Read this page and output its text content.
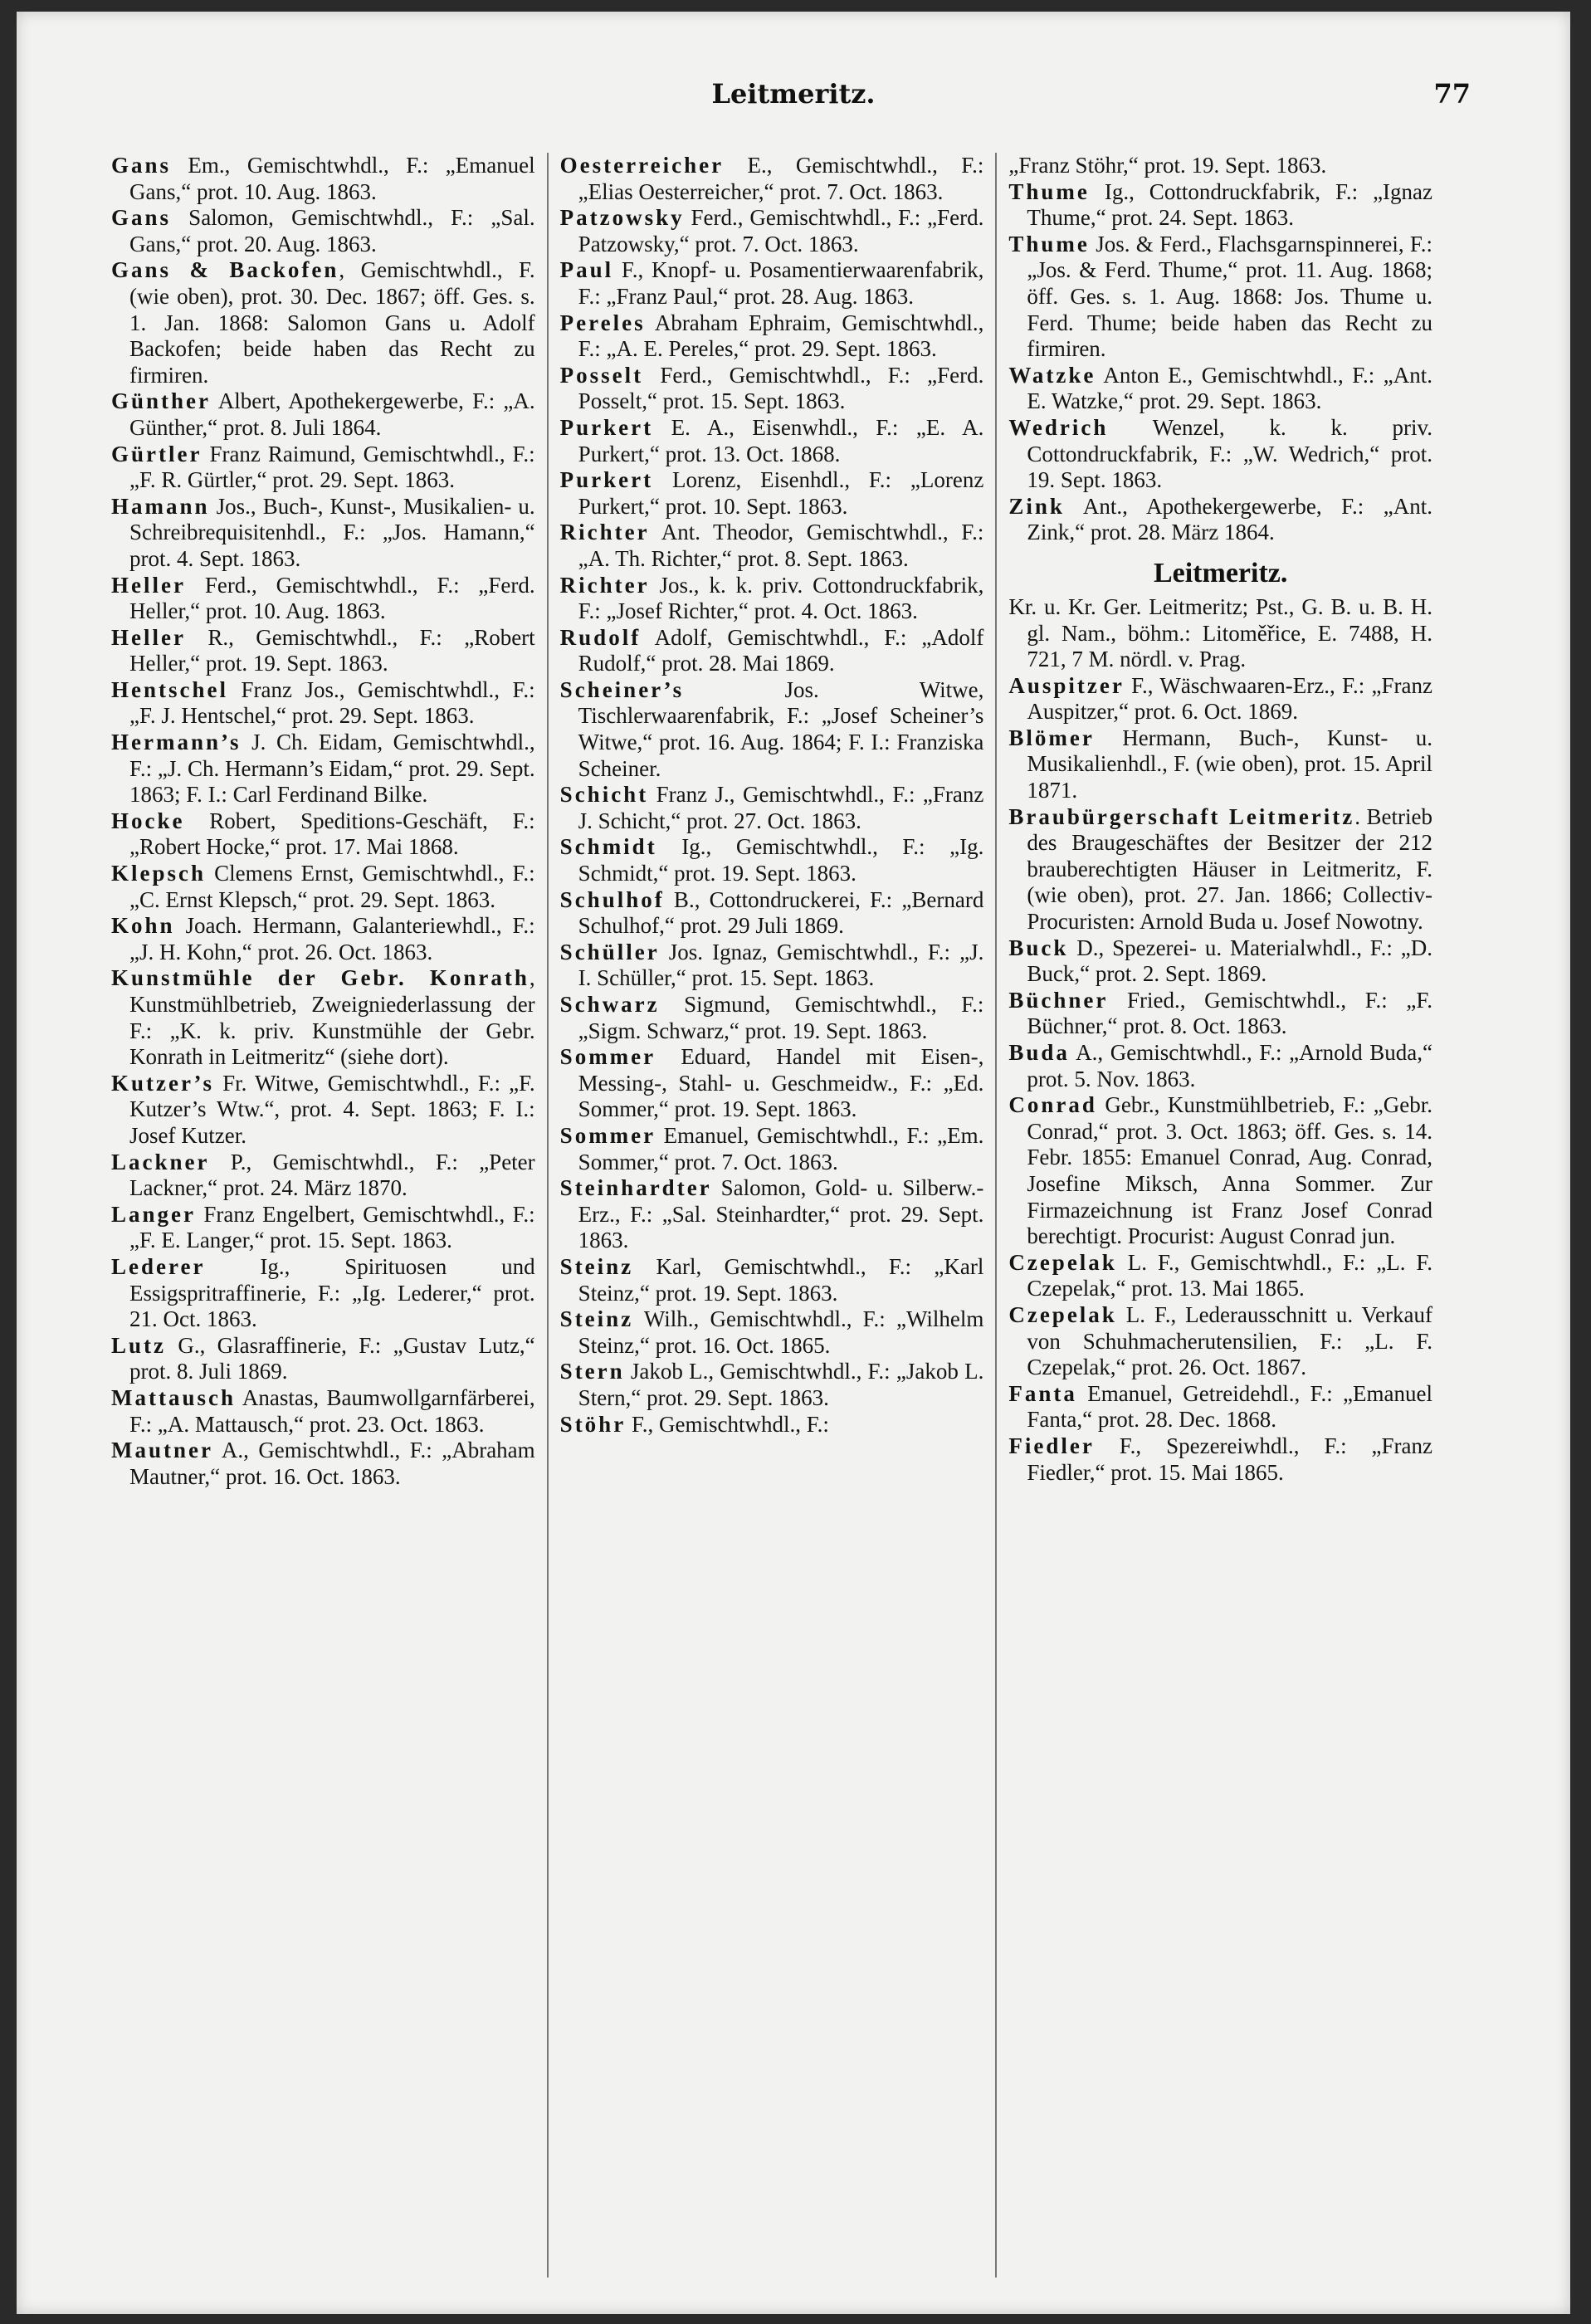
Leitmeritz.	77

Gans Em., Gemischtwhdl., F.: „Emanuel Gans,“ prot. 10. Aug. 1863.

Gans Salomon, Gemischtwhdl., F.: „Sal. Gans,“ prot. 20. Aug. 1863.

Gans & Backofen, Gemischtwhdl., F. (wie oben), prot. 30. Dec. 1867; öff. Ges. s. 1. Jan. 1868: Salomon Gans u. Adolf Backofen; beide haben das Recht zu firmiren.

Günther Albert, Apothekergewerbe, F.: „A. Günther,“ prot. 8. Juli 1864.

Gürtler Franz Raimund, Gemischtwhdl., F.: „F. R. Gürtler,“ prot. 29. Sept. 1863.

Hamann Jos., Buch-, Kunst-, Musikalien- u. Schreibrequisitenhdl., F.: „Jos. Hamann,“ prot. 4. Sept. 1863.

Heller Ferd., Gemischtwhdl., F.: „Ferd. Heller,“ prot. 10. Aug. 1863.

Heller R., Gemischtwhdl., F.: „Robert Heller,“ prot. 19. Sept. 1863.

Hentschel Franz Jos., Gemischtwhdl., F.: „F. J. Hentschel,“ prot. 29. Sept. 1863.

Hermann’s J. Ch. Eidam, Gemischtwhdl., F.: „J. Ch. Hermann’s Eidam,“ prot. 29. Sept. 1863; F. I.: Carl Ferdinand Bilke.

Hocke Robert, Speditions-Geschäft, F.: „Robert Hocke,“ prot. 17. Mai 1868.

Klepsch Clemens Ernst, Gemischtwhdl., F.: „C. Ernst Klepsch,“ prot. 29. Sept. 1863.

Kohn Joach. Hermann, Galanteriewhdl., F.: „J. H. Kohn,“ prot. 26. Oct. 1863.

Kunstmühle der Gebr. Konrath, Kunstmühlbetrieb, Zweigniederlassung der F.: „K. k. priv. Kunstmühle der Gebr. Konrath in Leitmeritz“ (siehe dort).

Kutzer’s Fr. Witwe, Gemischtwhdl., F.: „F. Kutzer’s Wtw.“, prot. 4. Sept. 1863; F. I.: Josef Kutzer.

Lackner P., Gemischtwhdl., F.: „Peter Lackner,“ prot. 24. März 1870.

Langer Franz Engelbert, Gemischtwhdl., F.: „F. E. Langer,“ prot. 15. Sept. 1863.

Lederer Ig., Spirituosen und Essigspritraffinerie, F.: „Ig. Lederer,“ prot. 21. Oct. 1863.

Lutz G., Glasraffinerie, F.: „Gustav Lutz,“ prot. 8. Juli 1869.

Mattausch Anastas, Baumwollgarnfärberei, F.: „A. Mattausch,“ prot. 23. Oct. 1863.

Mautner A., Gemischtwhdl., F.: „Abraham Mautner,“ prot. 16. Oct. 1863.

Oesterreicher E., Gemischtwhdl., F.: „Elias Oesterreicher,“ prot. 7. Oct. 1863.

Patzowsky Ferd., Gemischtwhdl., F.: „Ferd. Patzowsky,“ prot. 7. Oct. 1863.

Paul F., Knopf- u. Posamentierwaarenfabrik, F.: „Franz Paul,“ prot. 28. Aug. 1863.

Pereles Abraham Ephraim, Gemischtwhdl., F.: „A. E. Pereles,“ prot. 29. Sept. 1863.

Posselt Ferd., Gemischtwhdl., F.: „Ferd. Posselt,“ prot. 15. Sept. 1863.

Purkert E. A., Eisenwhdl., F.: „E. A. Purkert,“ prot. 13. Oct. 1868.

Purkert Lorenz, Eisenhdl., F.: „Lorenz Purkert,“ prot. 10. Sept. 1863.

Richter Ant. Theodor, Gemischtwhdl., F.: „A. Th. Richter,“ prot. 8. Sept. 1863.

Richter Jos., k. k. priv. Cottondruckfabrik, F.: „Josef Richter,“ prot. 4. Oct. 1863.

Rudolf Adolf, Gemischtwhdl., F.: „Adolf Rudolf,“ prot. 28. Mai 1869.

Scheiner’s Jos. Witwe, Tischlerwaarenfabrik, F.: „Josef Scheiner’s Witwe,“ prot. 16. Aug. 1864; F. I.: Franziska Scheiner.

Schicht Franz J., Gemischtwhdl., F.: „Franz J. Schicht,“ prot. 27. Oct. 1863.

Schmidt Ig., Gemischtwhdl., F.: „Ig. Schmidt,“ prot. 19. Sept. 1863.

Schulhof B., Cottondruckerei, F.: „Bernard Schulhof,“ prot. 29 Juli 1869.

Schüller Jos. Ignaz, Gemischtwhdl., F.: „J. I. Schüller,“ prot. 15. Sept. 1863.

Schwarz Sigmund, Gemischtwhdl., F.: „Sigm. Schwarz,“ prot. 19. Sept. 1863.

Sommer Eduard, Handel mit Eisen-, Messing-, Stahl- u. Geschmeidw., F.: „Ed. Sommer,“ prot. 19. Sept. 1863.

Sommer Emanuel, Gemischtwhdl., F.: „Em. Sommer,“ prot. 7. Oct. 1863.

Steinhardter Salomon, Gold- u. Silberw.-Erz., F.: „Sal. Steinhardter,“ prot. 29. Sept. 1863.

Steinz Karl, Gemischtwhdl., F.: „Karl Steinz,“ prot. 19. Sept. 1863.

Steinz Wilh., Gemischtwhdl., F.: „Wilhelm Steinz,“ prot. 16. Oct. 1865.

Stern Jakob L., Gemischtwhdl., F.: „Jakob L. Stern,“ prot. 29. Sept. 1863.

Stöhr F., Gemischtwhdl., F.:

„Franz Stöhr,“ prot. 19. Sept. 1863.

Thume Ig., Cottondruckfabrik, F.: „Ignaz Thume,“ prot. 24. Sept. 1863.

Thume Jos. & Ferd., Flachsgarnspinnerei, F.: „Jos. & Ferd. Thume,“ prot. 11. Aug. 1868; öff. Ges. s. 1. Aug. 1868: Jos. Thume u. Ferd. Thume; beide haben das Recht zu firmiren.

Watzke Anton E., Gemischtwhdl., F.: „Ant. E. Watzke,“ prot. 29. Sept. 1863.

Wedrich Wenzel, k. k. priv. Cottondruckfabrik, F.: „W. Wedrich,“ prot. 19. Sept. 1863.

Zink Ant., Apothekergewerbe, F.: „Ant. Zink,“ prot. 28. März 1864.

Leitmeritz.

Kr. u. Kr. Ger. Leitmeritz; Pst., G. B. u. B. H. gl. Nam., böhm.: Litoměřice, E. 7488, H. 721, 7 M. nördl. v. Prag.

Auspitzer F., Wäschwaaren-Erz., F.: „Franz Auspitzer,“ prot. 6. Oct. 1869.

Blömer Hermann, Buch-, Kunst- u. Musikalienhdl., F. (wie oben), prot. 15. April 1871.

Braubürgerschaft Leitmeritz. Betrieb des Braugeschäftes der Besitzer der 212 brauberechtigten Häuser in Leitmeritz, F. (wie oben), prot. 27. Jan. 1866; Collectiv-Procuristen: Arnold Buda u. Josef Nowotny.

Buck D., Spezerei- u. Materialwhdl., F.: „D. Buck,“ prot. 2. Sept. 1869.

Büchner Fried., Gemischtwhdl., F.: „F. Büchner,“ prot. 8. Oct. 1863.

Buda A., Gemischtwhdl., F.: „Arnold Buda,“ prot. 5. Nov. 1863.

Conrad Gebr., Kunstmühlbetrieb, F.: „Gebr. Conrad,“ prot. 3. Oct. 1863; öff. Ges. s. 14. Febr. 1855: Emanuel Conrad, Aug. Conrad, Josefine Miksch, Anna Sommer. Zur Firmazeichnung ist Franz Josef Conrad berechtigt. Procurist: August Conrad jun.

Czepelak L. F., Gemischtwhdl., F.: „L. F. Czepelak,“ prot. 13. Mai 1865.

Czepelak L. F., Lederausschnitt u. Verkauf von Schuhmacherutensilien, F.: „L. F. Czepelak,“ prot. 26. Oct. 1867.

Fanta Emanuel, Getreidehdl., F.: „Emanuel Fanta,“ prot. 28. Dec. 1868.

Fiedler F., Spezereiwhdl., F.: „Franz Fiedler,“ prot. 15. Mai 1865.
